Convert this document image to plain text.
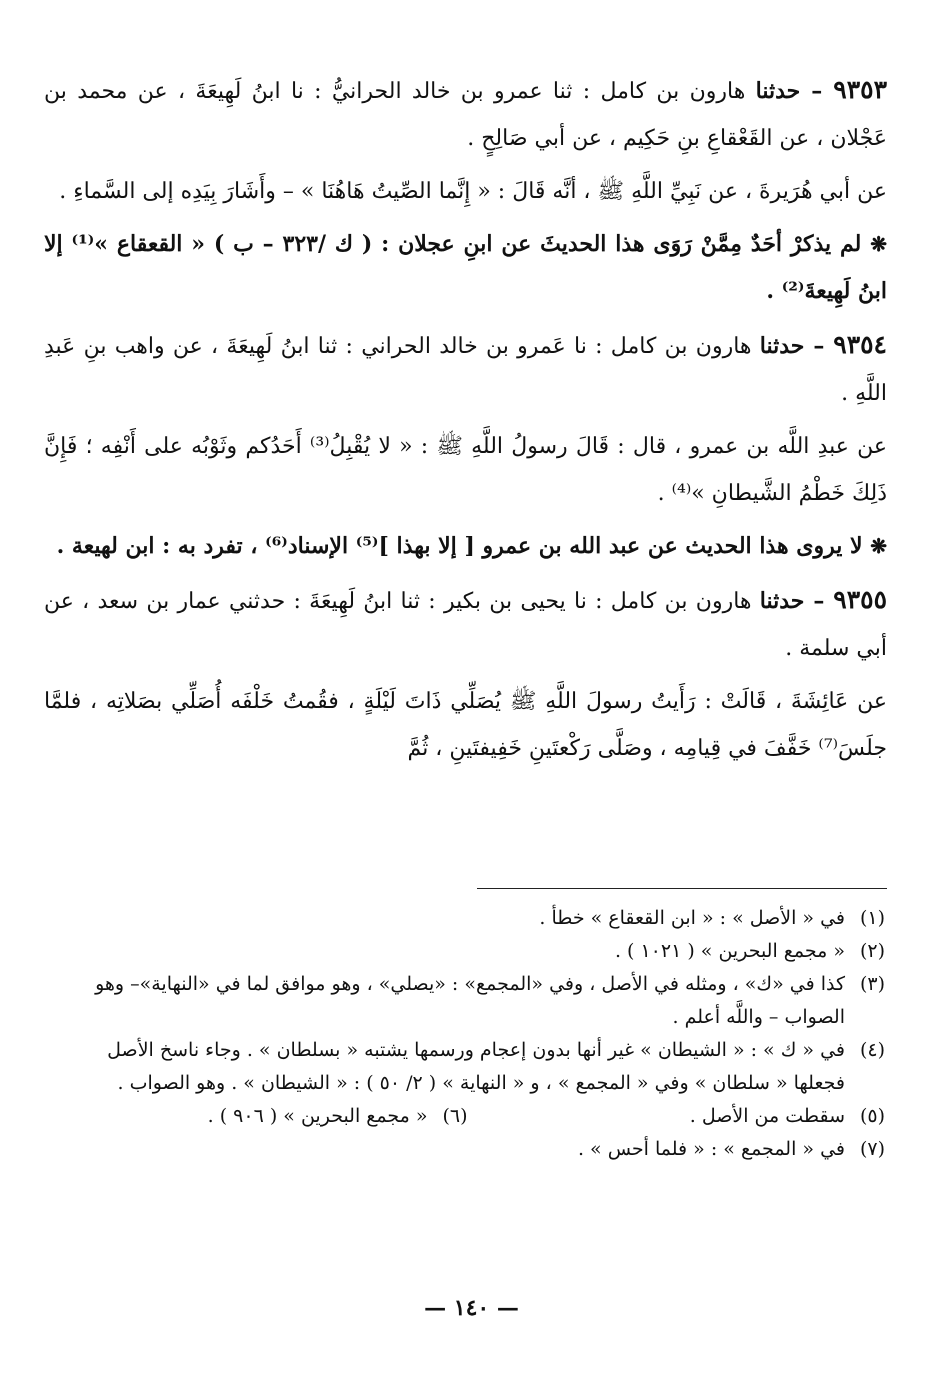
٩٣٥٣ – حدثنا هارون بن كامل : ثنا عمرو بن خالد الحرانيُّ : نا ابنُ لَهِيعَةَ ، عن محمد بن عَجْلان ، عن القَعْقاعِ بنِ حَكِيم ، عن أبي صَالِحٍ .

عن أبي هُرَيرةَ ، عن نَبِيِّ اللَّهِ ﷺ ، أنَّه قَالَ : « إِنَّما الصِّيتُ هَاهُنَا » – وأَشَارَ بِيَدِه إلى السَّماءِ .

❋ لم يذكرْ أحَدٌ مِمَّنْ رَوَى هذا الحديثَ عن ابنِ عجلان : ( ك /٣٢٣ – ب ) « القعقاع »⁽¹⁾ إلا ابنُ لَهِيعةَ⁽²⁾ .

٩٣٥٤ – حدثنا هارون بن كامل : نا عَمرو بن خالد الحراني : ثنا ابنُ لَهِيعَةَ ، عن واهب بنِ عَبدِ اللَّهِ .

عن عبدِ اللَّه بن عمرو ، قال : قَالَ رسولُ اللَّهِ ﷺ : « لا يُقْبِلُ⁽³⁾ أَحَدُكم وثَوْبُه على أَنْفِه ؛ فَإِنَّ ذَلِكَ خَطْمُ الشَّيطانِ »⁽⁴⁾ .

❋ لا يروى هذا الحديث عن عبد الله بن عمرو [ إلا بهذا ]⁽⁵⁾ الإسناد⁽⁶⁾ ، تفرد به : ابن لهيعة .

٩٣٥٥ – حدثنا هارون بن كامل : نا يحيى بن بكير : ثنا ابنُ لَهِيعَةَ : حدثني عمار بن سعد ، عن أبي سلمة .

عن عَائِشَةَ ، قَالَتْ : رَأَيتُ رسولَ اللَّهِ ﷺ يُصَلِّي ذَاتَ لَيْلَةٍ ، فقُمتُ خَلْفَه أُصَلِّي بصَلاتِه ، فلمَّا جلَسَ⁽⁷⁾ خَفَّفَ في قِيامِه ، وصَلَّى رَكْعتَينِ خَفِيفتَينِ ، ثُمَّ

(١)
في « الأصل » : « ابن القعقاع » خطأ .
(٢)
« مجمع البحرين » ( ١٠٢١ ) .
(٣)
كذا في «ك» ، ومثله في الأصل ، وفي «المجمع» : «يصلي» ، وهو موافق لما في «النهاية»– وهو الصواب – واللَّه أعلم .
(٤)
في « ك » : « الشيطان » غير أنها بدون إعجام ورسمها يشتبه « بسلطان » . وجاء ناسخ الأصل فجعلها « سلطان » وفي « المجمع » ، و « النهاية » ( ٢/ ٥٠ ) : « الشيطان » . وهو الصواب .
(٥)
سقطت من الأصل .
(٦)
« مجمع البحرين » ( ٩٠٦ ) .
(٧)
في « المجمع » : « فلما أحس » .
— ١٤٠ —
